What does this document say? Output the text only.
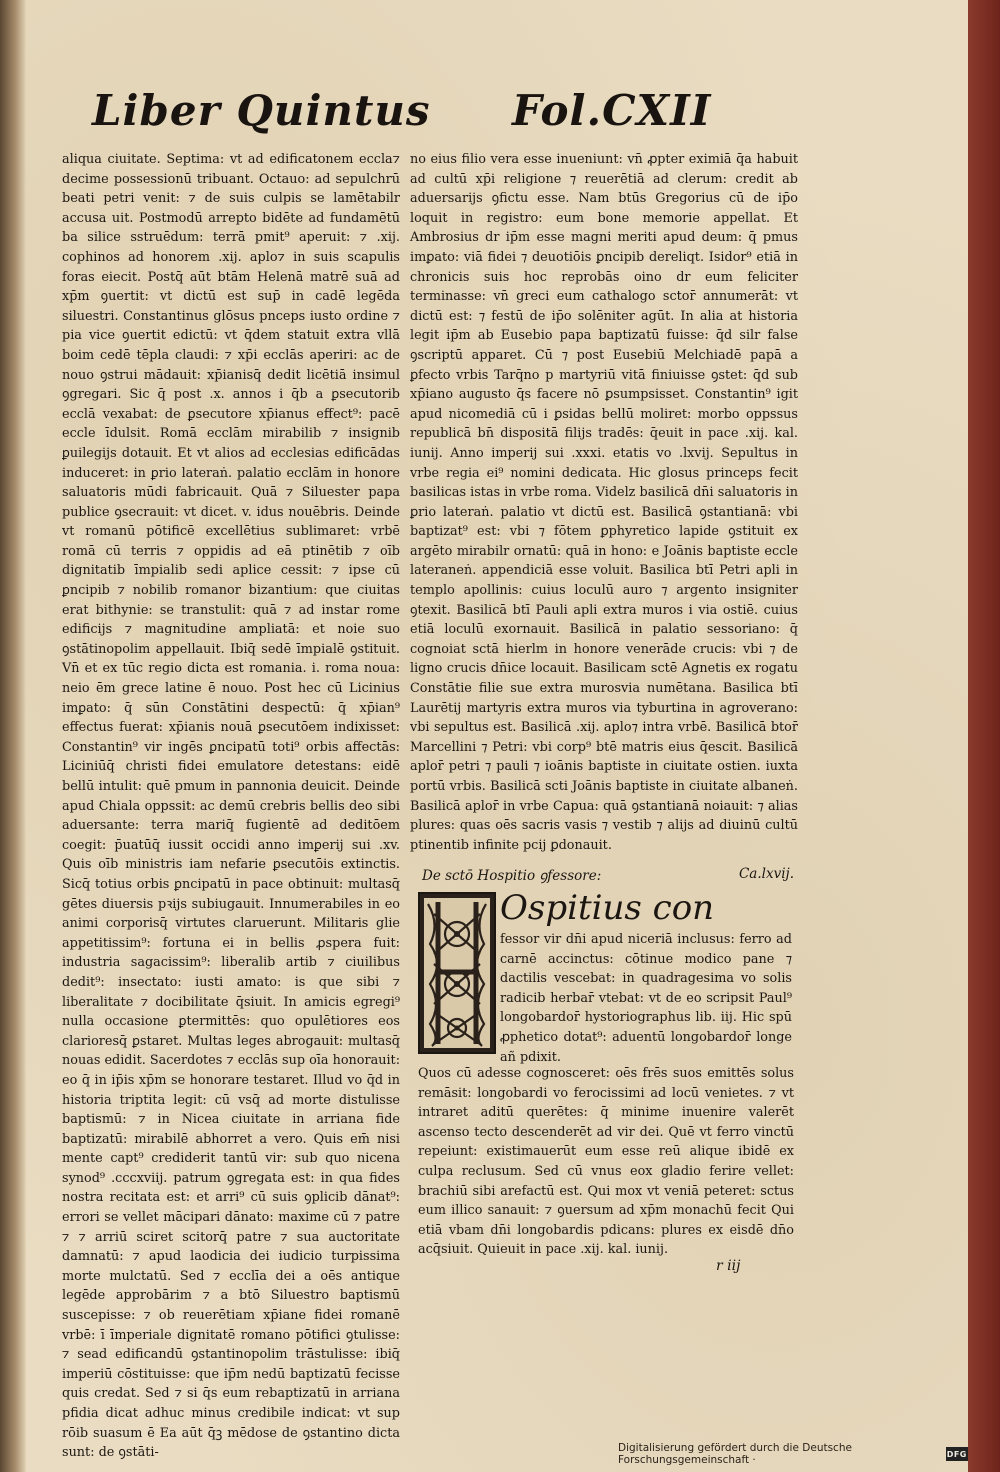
Liber Quintus Fol.CXII

aliqua ciuitate. Septima: vt ad edificatonem eccla⁊ decime possessionū tribuant. Octauo: ad sepulchrū beati petri venit: ⁊ de suis culpis se lamētabilr accusa uit. Postmodū arrepto bidēte ad fundamētū ba silice sstruēdum: terrā pmit⁹ aperuit: ⁊ .xij. cophinos ad honorem .xij. aplo⁊ in suis scapulis foras eiecit. Postq̄ aūt btām Helenā matrē suā ad xp̄m ꝯuertit: vt dictū est sup̄ in cadē legēda siluestri. Constantinus glōsus pnceps iusto ordine ⁊ pia vice ꝯuertit edictū: vt q̄dem statuit extra vllā boim cedē tēpla claudi: ⁊ xp̄i ecclās aperiri: ac de nouo ꝯstrui mādauit: xp̄ianisq̄ dedit licētiā insimul ꝯgregari. Sic q̄ post .x. annos i q̄b a ꝑsecutorib ecclā vexabat: de ꝑsecutore xp̄ianus effect⁹: pacē eccle īdulsit. Romā ecclām mirabilib ⁊ insignib ꝑuilegijs dotauit. Et vt alios ad ecclesias edificādas induceret: in ꝑrio lateraṅ. palatio ecclām in honore saluatoris mūdi fabricauit. Quā ⁊ Siluester papa publice ꝯsecrauit: vt dicet. v. idus nouēbris. Deinde vt romanū pōtificē excellētius sublimaret: vrbē romā cū terris ⁊ oppidis ad eā ptinētib ⁊ oīb dignitatib īmpialib sedi aplice cessit: ⁊ ipse cū ꝑncipib ⁊ nobilib romanor bizantium: que ciuitas erat bithynie: se transtulit: quā ⁊ ad instar rome edificijs ⁊ magnitudine ampliatā: et noie suo ꝯstātinopolim appellauit. Ibiq̄ sedē īmpialē ꝯstituit. Vn̄ et ex tūc regio dicta est romania. i. roma noua: neio ēm grece latine ē nouo. Post hec cū Licinius imꝑato: q̄ sūn Constātini despectū: q̄ xp̄ian⁹ effectus fuerat: xp̄ianis nouā ꝑsecutōem indixisset: Constantin⁹ vir ingēs ꝑncipatū toti⁹ orbis affectās: Liciniūq̄ christi fidei emulatore detestans: eidē bellū intulit: quē pmum in pannonia deuicit. Deinde apud Chiala oppssit: ac demū crebris bellis deo sibi aduersante: terra mariq̄ fugientē ad deditōem coegit: p̄uatūq̄ iussit occidi anno imꝑerij sui .xv. Quis oīb ministris iam nefarie ꝑsecutōis extinctis. Sicq̄ totius orbis ꝑncipatū in pace obtinuit: multasq̄ gētes diuersis pꝛijs subiugauit. Innumerabiles in eo animi corporisq̄ virtutes claruerunt. Militaris glie appetitissim⁹: fortuna ei in bellis ꝓspera fuit: industria sagacissim⁹: liberalib artib ⁊ ciuilibus dedit⁹: insectato: iusti amato: is que sibi ⁊ liberalitate ⁊ docibilitate q̄siuit. In amicis egregi⁹ nulla occasione ꝑtermittēs: quo opulētiores eos clarioresq̄ ꝑstaret. Multas leges abrogauit: multasq̄ nouas edidit. Sacerdotes ⁊ ecclās sup oīa honorauit: eo q̄ in ip̄is xp̄m se honorare testaret. Illud vo q̄d in historia triptita legit: cū vsq̄ ad morte distulisse baptismū: ⁊ in Nicea ciuitate in arriana fide baptizatū: mirabilē abhorret a vero. Quis em̄ nisi mente capt⁹ crediderit tantū vir: sub quo nicena synod⁹ .cccxviij. patrum ꝯgregata est: in qua fides nostra recitata est: et arri⁹ cū suis ꝯplicib dānat⁹: errori se vellet mācipari dānato: maxime cū ⁊ patre ⁊ ⁊ arriū sciret scitorq̄ patre ⁊ sua auctoritate damnatū: ⁊ apud laodicia dei iudicio turpissima morte mulctatū. Sed ⁊ ecclīa dei a oēs antique legēde approbārim ⁊ a btō Siluestro baptismū suscepisse: ⁊ ob reuerētiam xp̄iane fidei romanē vrbē: ī īmperiale dignitatē romano pōtifici ꝯtulisse: ⁊ sead edificandū ꝯstantinopolim trāstulisse: ibiq̄ imperiū cōstituisse: que ip̄m nedū baptizatū fecisse quis credat. Sed ⁊ si q̄s eum rebaptizatū in arriana pfidia dicat adhuc minus credibile indicat: vt sup rōib suasum ē Ea aūt q̄ꝫ mēdose de ꝯstantino dicta sunt: de ꝯstāti-

no eius filio vera esse inueniunt: vn̄ ꝓpter eximiā q̄a habuit ad cultū xp̄i religione ⁊ reuerētiā ad clerum: credit ab aduersarijs ꝯfictu esse. Nam btūs Gregorius cū de ip̄o loquit in registro: eum bone memorie appellat. Et Ambrosius dr ip̄m esse magni meriti apud deum: q̄ pmus imꝑato: viā fidei ⁊ deuotiōis ꝑncipib dereliqt. Isidor⁹ etiā in chronicis suis hoc reprobās oino dr eum feliciter terminasse: vn̄ greci eum cathalogo sctor̄ annumerāt: vt dictū est: ⁊ festū de ip̄o solēniter agūt. In alia at historia legit ip̄m ab Eusebio papa baptizatū fuisse: q̄d silr false ꝯscriptū apparet. Cū ⁊ post Eusebiū Melchiadē papā a ꝑfecto vrbis Tarq̄no p martyriū vitā finiuisse ꝯstet: q̄d sub xp̄iano augusto q̄s facere nō ꝑsumpsisset. Constantin⁹ igit apud nicomediā cū i ꝑsidas bellū moliret: morbo oppssus republicā bn̄ dispositā filijs tradēs: q̄euit in pace .xij. kal. iunij. Anno imperij sui .xxxi. etatis vo .lxvij. Sepultus in vrbe regia ei⁹ nomini dedicata. Hic glosus princeps fecit basilicas istas in vrbe roma. Videlz basilicā dn̄i saluatoris in ꝑrio lateraṅ. palatio vt dictū est. Basilicā ꝯstantianā: vbi baptizat⁹ est: vbi ⁊ fōtem ꝑphyretico lapide ꝯstituit ex argēto mirabilr ornatū: quā in hono: e Joānis baptiste eccle lateraneṅ. appendiciā esse voluit. Basilica btī Petri apli in templo apollinis: cuius loculū auro ⁊ argento insigniter ꝯtexit. Basilicā btī Pauli apli extra muros i via ostiē. cuius etiā loculū exornauit. Basilicā in palatio sessoriano: q̄ cognoiat sctā hierlm in honore venerāde crucis: vbi ⁊ de ligno crucis dn̄ice locauit. Basilicam sctē Agnetis ex rogatu Constātie filie sue extra murosvia numētana. Basilica btī Laurētij martyris extra muros via tyburtina in agroverano: vbi sepultus est. Basilicā .xij. aplo⁊ intra vrbē. Basilicā btor̄ Marcellini ⁊ Petri: vbi corp⁹ btē matris eius q̄escit. Basilicā aplor̄ petri ⁊ pauli ⁊ ioānis baptiste in ciuitate ostien. iuxta portū vrbis. Basilicā scti Joānis baptiste in ciuitate albaneṅ. Basilicā aplor̄ in vrbe Capua: quā ꝯstantianā noiauit: ⁊ alias plures: quas oēs sacris vasis ⁊ vestib ⁊ alijs ad diuinū cultū ptinentib infinite pcij ꝑdonauit.

De sctō Hospitio ꝯfessore:	Ca.lxvij.
Ospitius con
fessor vir dn̄i apud niceriā inclusus: ferro ad carnē accinctus: cōtinue modico pane ⁊ dactilis vescebat: in quadragesima vo solis radicib herbar̄ vtebat: vt de eo scripsit Paul⁹ longobardor̄ hystoriographus lib. iij. Hic spū ꝓphetico dotat⁹: aduentū longobardor̄ longe añ pdixit.
Quos cū adesse cognosceret: oēs frēs suos emittēs solus remāsit: longobardi vo ferocissimi ad locū venietes. ⁊ vt intraret aditū querētes: q̄ minime inuenire valerēt ascenso tecto descenderēt ad vir dei. Quē vt ferro vinctū repeiunt: existimauerūt eum esse reū alique ibidē ex culpa reclusum. Sed cū vnus eox gladio ferire vellet: brachiū sibi arefactū est. Qui mox vt veniā peteret: sctus eum illico sanauit: ⁊ ꝯuersum ad xp̄m monachū fecit Qui etiā vbam dn̄i longobardis pdicans: plures ex eisdē dn̄o acq̄siuit. Quieuit in pace .xij. kal. iunij.
r iij
Digitalisierung gefördert durch die Deutsche Forschungsgemeinschaft ·	DFG
